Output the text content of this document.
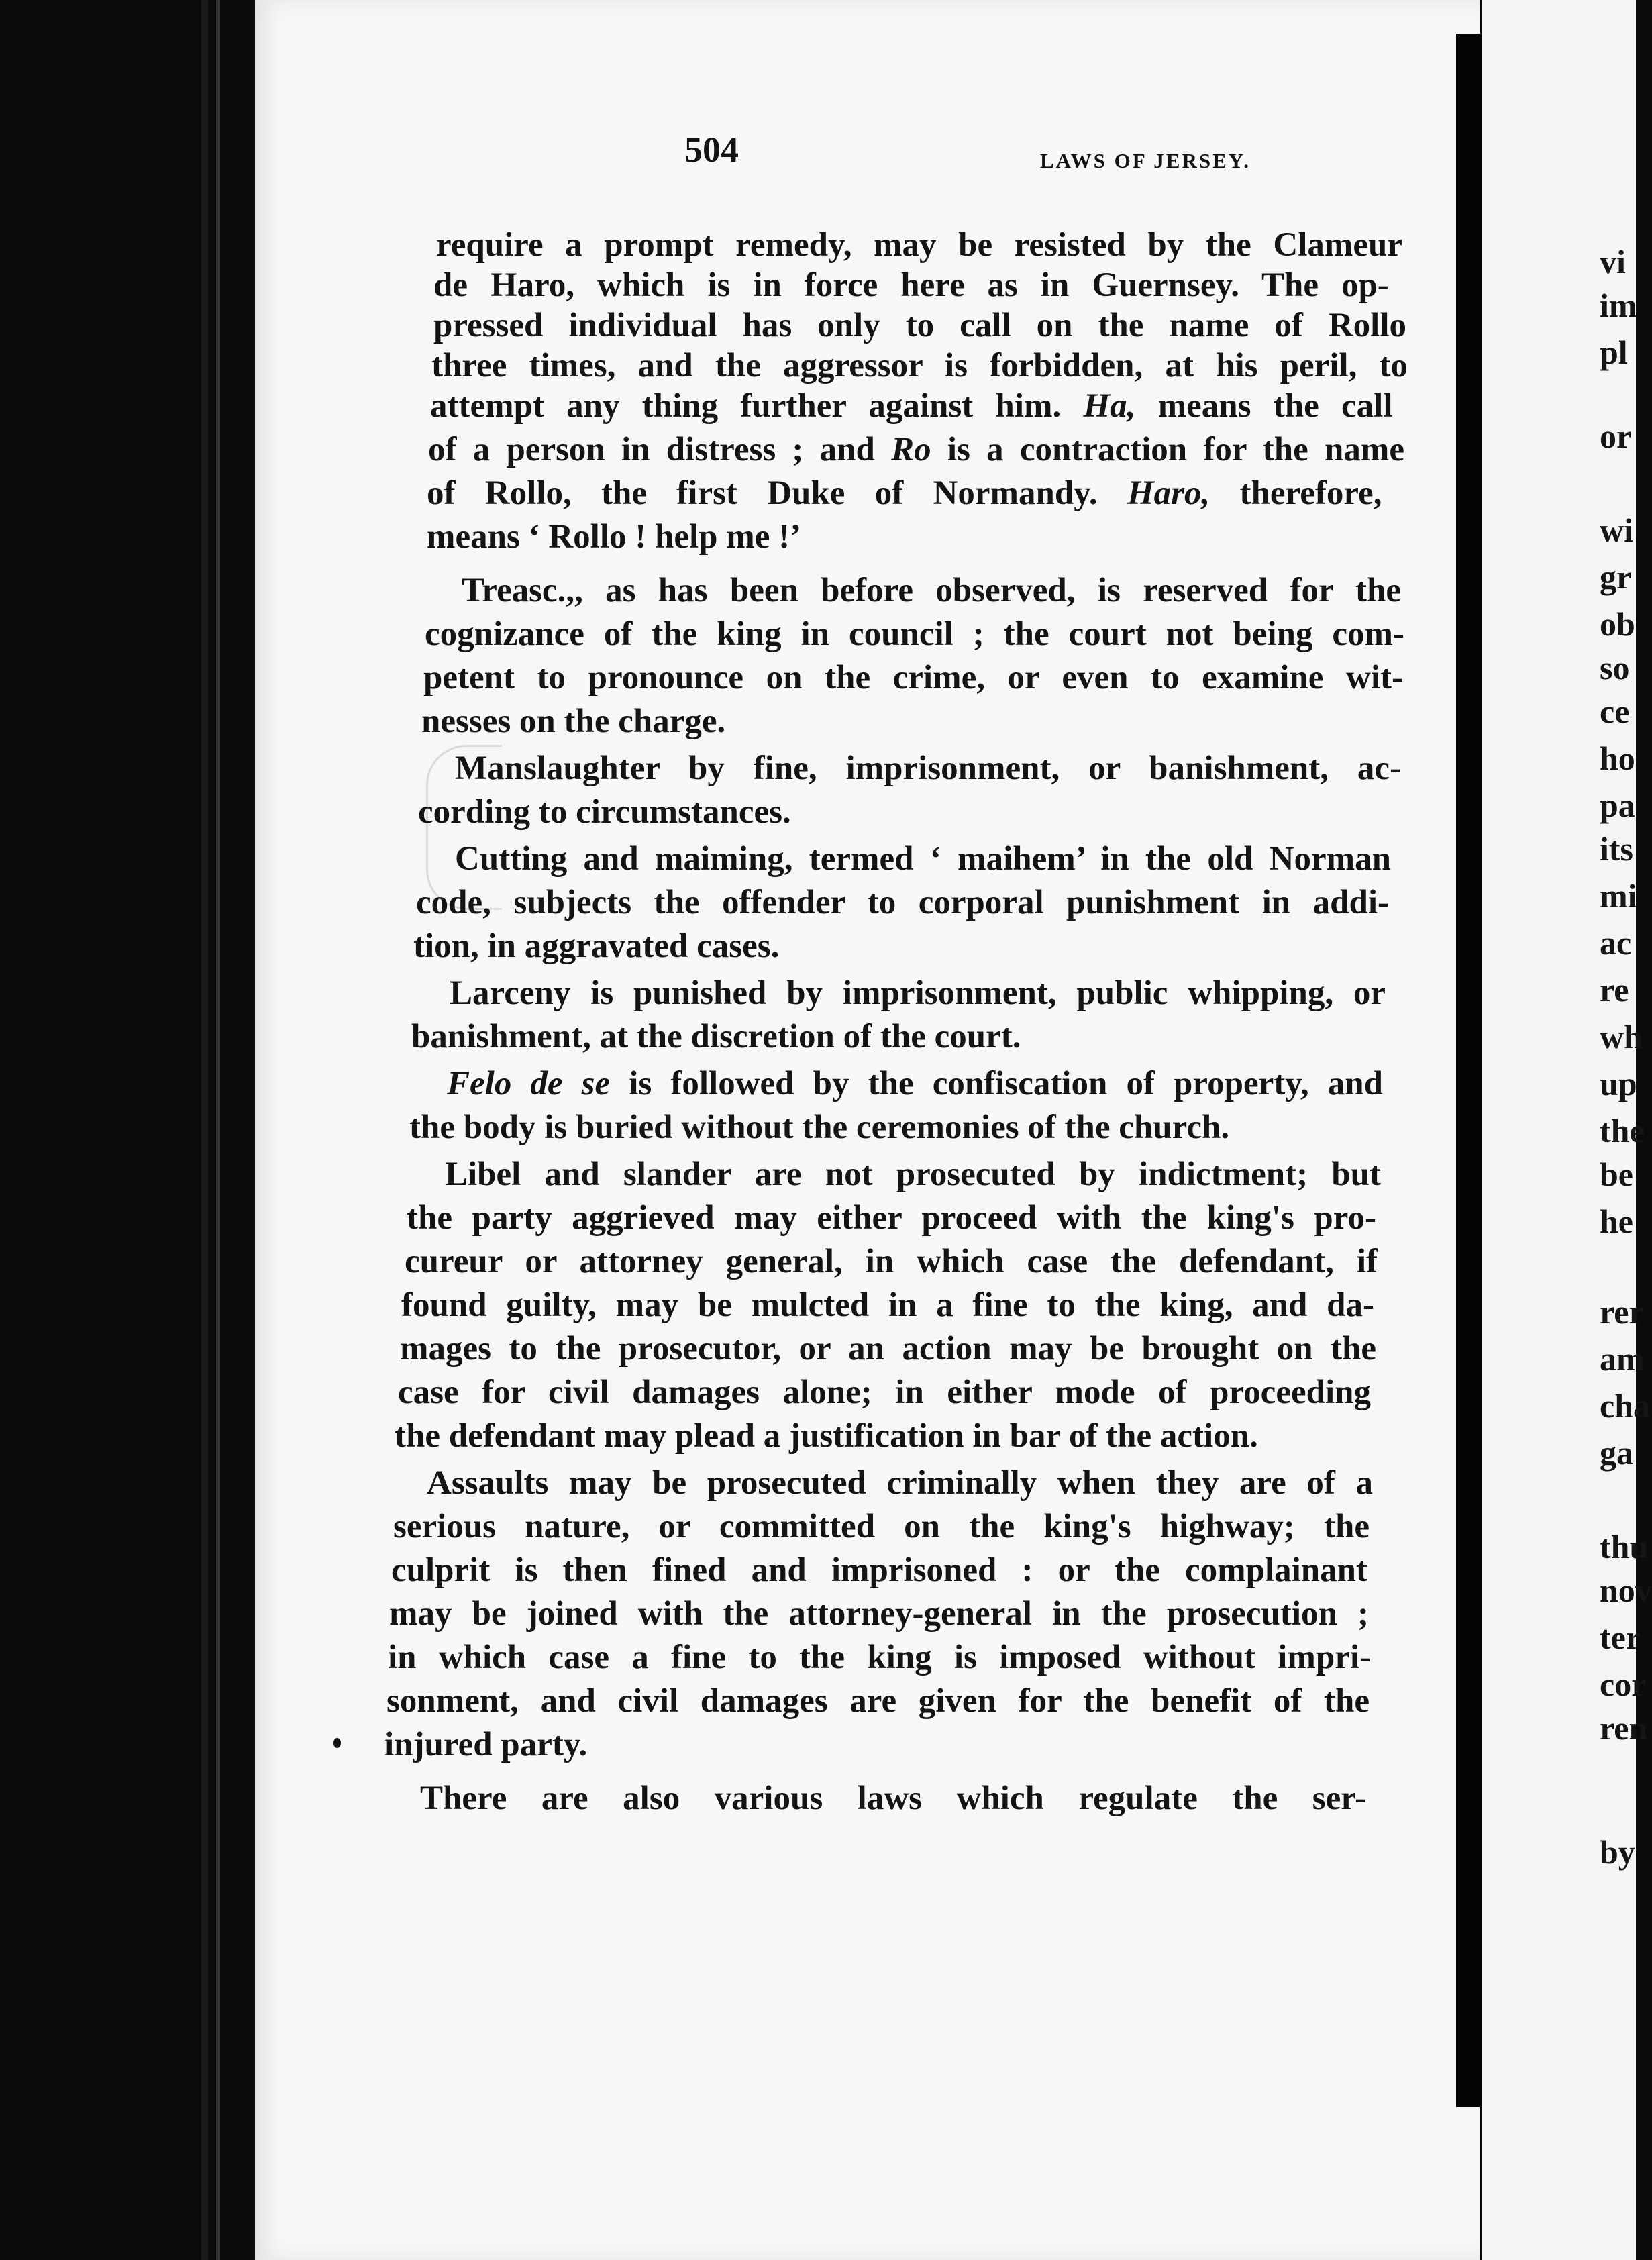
504	LAWS OF JERSEY.
require a prompt remedy, may be resisted by the Clameur
de Haro, which is in force here as in Guernsey. The op-
pressed individual has only to call on the name of Rollo
three times, and the aggressor is forbidden, at his peril, to
attempt any thing further against him. Ha, means the call
of a person in distress ; and Ro is a contraction for the name
of Rollo, the first Duke of Normandy. Haro, therefore,
means ‘ Rollo ! help me !’
Treasc.,, as has been before observed, is reserved for the
cognizance of the king in council ; the court not being com-
petent to pronounce on the crime, or even to examine wit-
nesses on the charge.
Manslaughter by fine, imprisonment, or banishment, ac-
cording to circumstances.
Cutting and maiming, termed ‘ maihem’ in the old Norman
code, subjects the offender to corporal punishment in addi-
tion, in aggravated cases.
Larceny is punished by imprisonment, public whipping, or
banishment, at the discretion of the court.
Felo de se is followed by the confiscation of property, and
the body is buried without the ceremonies of the church.
Libel and slander are not prosecuted by indictment; but
the party aggrieved may either proceed with the king's pro-
cureur or attorney general, in which case the defendant, if
found guilty, may be mulcted in a fine to the king, and da-
mages to the prosecutor, or an action may be brought on the
case for civil damages alone; in either mode of proceeding
the defendant may plead a justification in bar of the action.
Assaults may be prosecuted criminally when they are of a
serious nature, or committed on the king's highway; the
culprit is then fined and imprisoned : or the complainant
may be joined with the attorney-general in the prosecution ;
in which case a fine to the king is imposed without impri-
sonment, and civil damages are given for the benefit of the
injured party.
There are also various laws which regulate the ser-
vi
im
pl
or
wi
gr
ob
so
ce
ho
pa
its
mi
ac
re
wh
up
the
be
he
rer
am
cha
ga
thu
nov
ter
cor
ren
by
